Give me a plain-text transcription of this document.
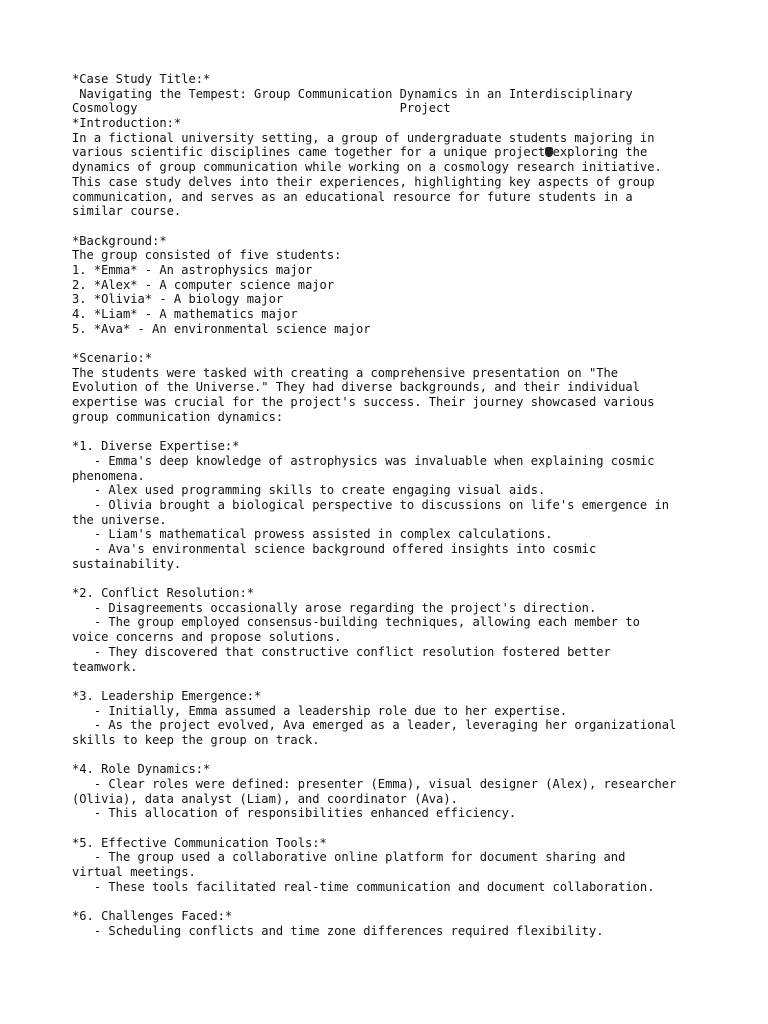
*Case Study Title:*
Navigating the Tempest: Group Communication Dynamics in an Interdisciplinary
Cosmology                                    Project
*Introduction:*
In a fictional university setting, a group of undergraduate students majoring in
various scientific disciplines came together for a unique project exploring the
dynamics of group communication while working on a cosmology research initiative.
This case study delves into their experiences, highlighting key aspects of group
communication, and serves as an educational resource for future students in a
similar course.
*Background:*
The group consisted of five students:
1. *Emma* - An astrophysics major
2. *Alex* - A computer science major
3. *Olivia* - A biology major
4. *Liam* - A mathematics major
5. *Ava* - An environmental science major
*Scenario:*
The students were tasked with creating a comprehensive presentation on "The
Evolution of the Universe." They had diverse backgrounds, and their individual
expertise was crucial for the project's success. Their journey showcased various
group communication dynamics:
*1. Diverse Expertise:*
- Emma's deep knowledge of astrophysics was invaluable when explaining cosmic
phenomena.
- Alex used programming skills to create engaging visual aids.
- Olivia brought a biological perspective to discussions on life's emergence in
the universe.
- Liam's mathematical prowess assisted in complex calculations.
- Ava's environmental science background offered insights into cosmic
sustainability.
*2. Conflict Resolution:*
- Disagreements occasionally arose regarding the project's direction.
- The group employed consensus-building techniques, allowing each member to
voice concerns and propose solutions.
- They discovered that constructive conflict resolution fostered better
teamwork.
*3. Leadership Emergence:*
- Initially, Emma assumed a leadership role due to her expertise.
- As the project evolved, Ava emerged as a leader, leveraging her organizational
skills to keep the group on track.
*4. Role Dynamics:*
- Clear roles were defined: presenter (Emma), visual designer (Alex), researcher
(Olivia), data analyst (Liam), and coordinator (Ava).
- This allocation of responsibilities enhanced efficiency.
*5. Effective Communication Tools:*
- The group used a collaborative online platform for document sharing and
virtual meetings.
- These tools facilitated real-time communication and document collaboration.
*6. Challenges Faced:*
- Scheduling conflicts and time zone differences required flexibility.
